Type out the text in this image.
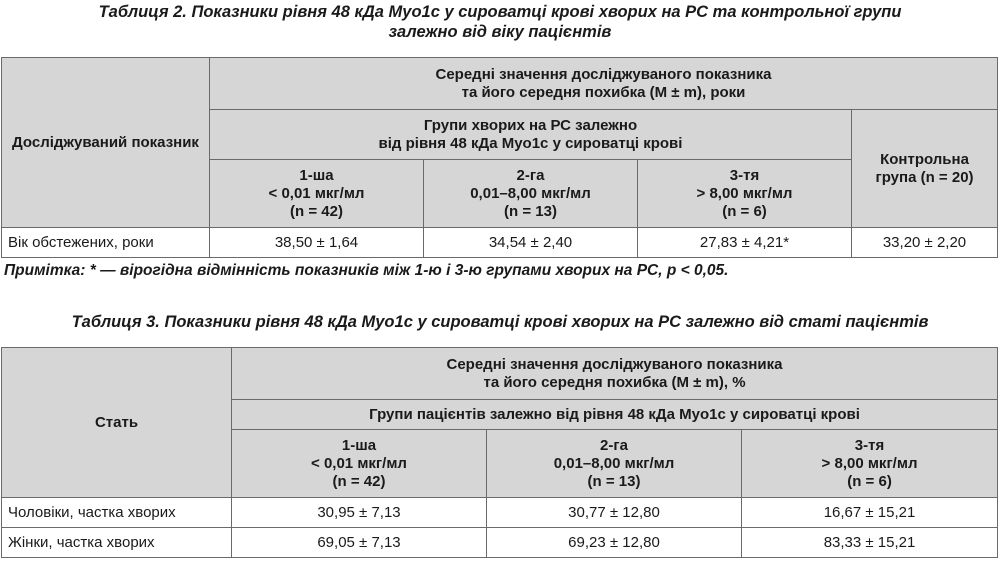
Таблиця 2. Показники рівня 48 кДа Myo1c у сироватці крові хворих на РС та контрольної групи
залежно від віку пацієнтів
Досліджуваний показник	Середні значення досліджуваного показника
та його середня похибка (M ± m), роки			

	Групи хворих на РС залежно
від рівня 48 кДа Myo1c у сироватці крові			Контрольна
група (n = 20)

	1-ша
< 0,01 мкг/мл
(n = 42)	2-га
0,01–8,00 мкг/мл
(n = 13)	3-тя
> 8,00 мкг/мл
(n = 6)	

Вік обстежених, роки	38,50 ± 1,64	34,54 ± 2,40	27,83 ± 4,21*	33,20 ± 2,20
Примітка: * — вірогідна відмінність показників між 1-ю і 3-ю групами хворих на РС, p < 0,05.
Таблиця 3. Показники рівня 48 кДа Myo1c у сироватці крові хворих на РС залежно від статі пацієнтів
Стать	Середні значення досліджуваного показника
та його середня похибка (M ± m), %		

	Групи пацієнтів залежно від рівня 48 кДа Myo1c у сироватці крові		

	1-ша
< 0,01 мкг/мл
(n = 42)	2-га
0,01–8,00 мкг/мл
(n = 13)	3-тя
> 8,00 мкг/мл
(n = 6)

Чоловіки, частка хворих	30,95 ± 7,13	30,77 ± 12,80	16,67 ± 15,21
Жінки, частка хворих	69,05 ± 7,13	69,23 ± 12,80	83,33 ± 15,21
